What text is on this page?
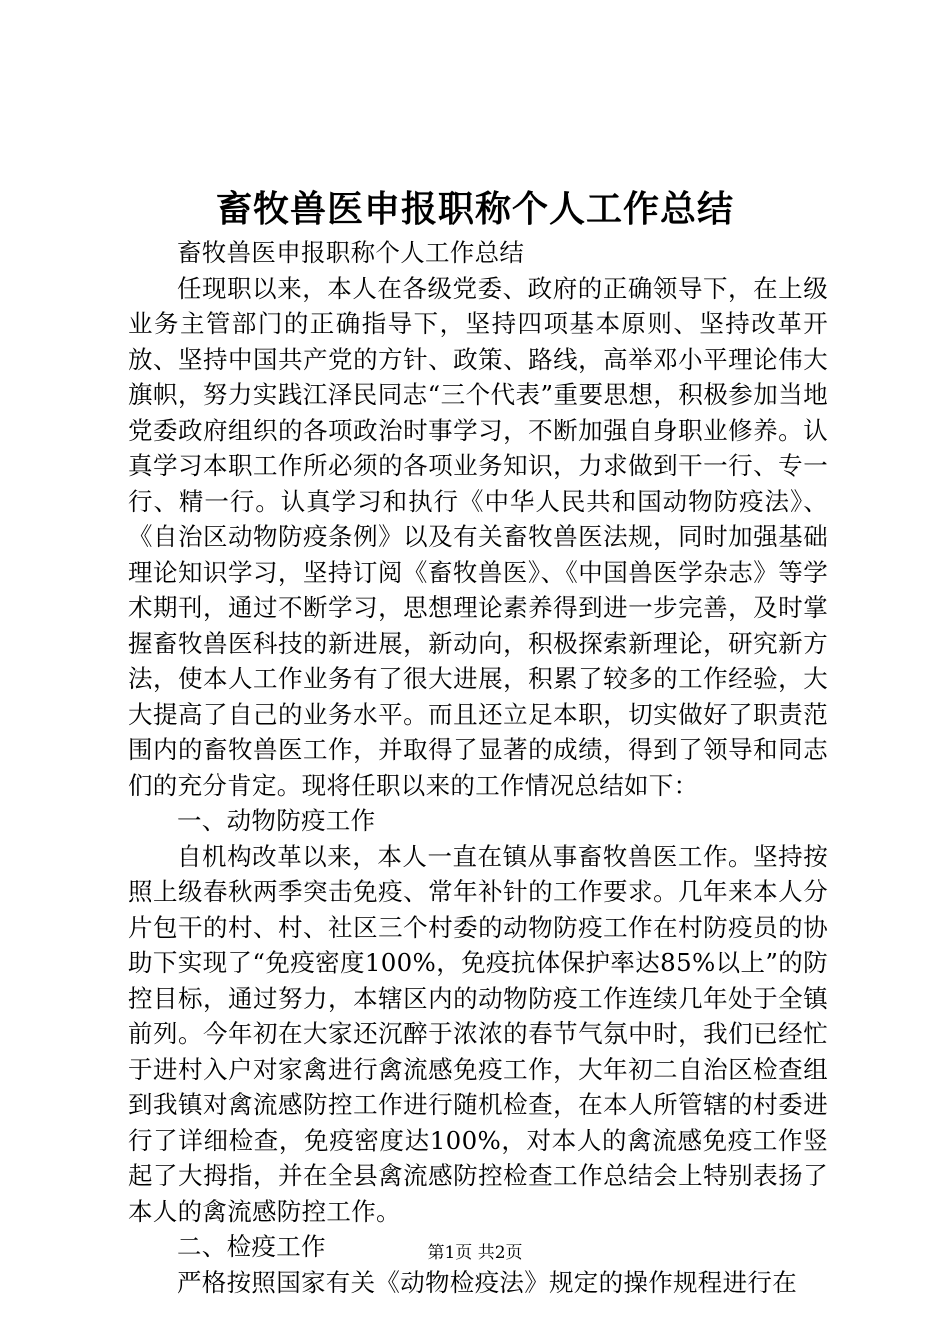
畜牧兽医申报职称个人工作总结

畜牧兽医申报职称个人工作总结

任现职以来，本人在各级党委、政府的正确领导下，在上级业务主管部门的正确指导下，坚持四项基本原则、坚持改革开放、坚持中国共产党的方针、政策、路线，高举邓小平理论伟大旗帜，努力实践江泽民同志“三个代表”重要思想，积极参加当地党委政府组织的各项政治时事学习，不断加强自身职业修养。认真学习本职工作所必须的各项业务知识，力求做到干一行、专一行、精一行。认真学习和执行《中华人民共和国动物防疫法》、《自治区动物防疫条例》以及有关畜牧兽医法规，同时加强基础理论知识学习，坚持订阅《畜牧兽医》、《中国兽医学杂志》等学术期刊，通过不断学习，思想理论素养得到进一步完善，及时掌握畜牧兽医科技的新进展，新动向，积极探索新理论，研究新方法，使本人工作业务有了很大进展，积累了较多的工作经验，大大提高了自己的业务水平。而且还立足本职，切实做好了职责范围内的畜牧兽医工作，并取得了显著的成绩，得到了领导和同志们的充分肯定。现将任职以来的工作情况总结如下：

一、动物防疫工作

自机构改革以来，本人一直在镇从事畜牧兽医工作。坚持按照上级春秋两季突击免疫、常年补针的工作要求。几年来本人分片包干的村、村、社区三个村委的动物防疫工作在村防疫员的协助下实现了“免疫密度100%，免疫抗体保护率达85%以上”的防控目标，通过努力，本辖区内的动物防疫工作连续几年处于全镇前列。今年初在大家还沉醉于浓浓的春节气氛中时，我们已经忙于进村入户对家禽进行禽流感免疫工作，大年初二自治区检查组到我镇对禽流感防控工作进行随机检查，在本人所管辖的村委进行了详细检查，免疫密度达100%，对本人的禽流感免疫工作竖起了大拇指，并在全县禽流感防控检查工作总结会上特别表扬了本人的禽流感防控工作。

二、检疫工作

严格按照国家有关《动物检疫法》规定的操作规程进行在

第1页 共2页
